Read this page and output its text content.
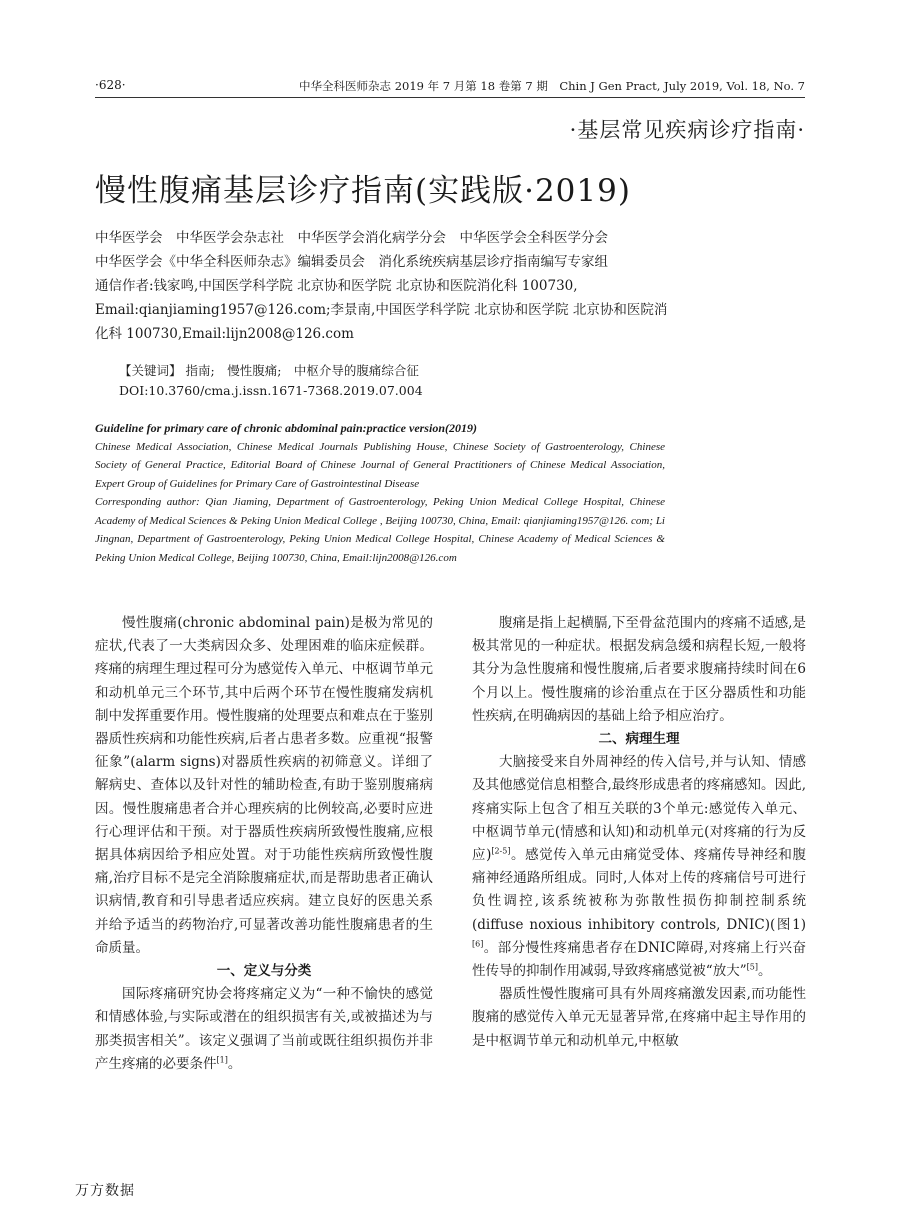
·628·	中华全科医师杂志 2019 年 7 月第 18 卷第 7 期　Chin J Gen Pract, July 2019, Vol. 18, No. 7
·基层常见疾病诊疗指南·
慢性腹痛基层诊疗指南(实践版·2019)

中华医学会　中华医学会杂志社　中华医学会消化病学分会　中华医学会全科医学分会

中华医学会《中华全科医师杂志》编辑委员会　消化系统疾病基层诊疗指南编写专家组

通信作者:钱家鸣,中国医学科学院 北京协和医学院 北京协和医院消化科 100730, Email:qianjiaming1957@126.com;李景南,中国医学科学院 北京协和医学院 北京协和医院消化科 100730,Email:lijn2008@126.com

【关键词】 指南;　慢性腹痛;　中枢介导的腹痛综合征
DOI:10.3760/cma.j.issn.1671-7368.2019.07.004

Guideline for primary care of chronic abdominal pain:practice version(2019)

Chinese Medical Association, Chinese Medical Journals Publishing House, Chinese Society of Gastroenterology, Chinese Society of General Practice, Editorial Board of Chinese Journal of General Practitioners of Chinese Medical Association, Expert Group of Guidelines for Primary Care of Gastrointestinal Disease

Corresponding author: Qian Jiaming, Department of Gastroenterology, Peking Union Medical College Hospital, Chinese Academy of Medical Sciences & Peking Union Medical College , Beijing 100730, China, Email: qianjiaming1957@126. com; Li Jingnan, Department of Gastroenterology, Peking Union Medical College Hospital, Chinese Academy of Medical Sciences & Peking Union Medical College, Beijing 100730, China, Email:lijn2008@126.com

慢性腹痛(chronic abdominal pain)是极为常见的症状,代表了一大类病因众多、处理困难的临床症候群。疼痛的病理生理过程可分为感觉传入单元、中枢调节单元和动机单元三个环节,其中后两个环节在慢性腹痛发病机制中发挥重要作用。慢性腹痛的处理要点和难点在于鉴别器质性疾病和功能性疾病,后者占患者多数。应重视“报警征象”(alarm signs)对器质性疾病的初筛意义。详细了解病史、查体以及针对性的辅助检查,有助于鉴别腹痛病因。慢性腹痛患者合并心理疾病的比例较高,必要时应进行心理评估和干预。对于器质性疾病所致慢性腹痛,应根据具体病因给予相应处置。对于功能性疾病所致慢性腹痛,治疗目标不是完全消除腹痛症状,而是帮助患者正确认识病情,教育和引导患者适应疾病。建立良好的医患关系并给予适当的药物治疗,可显著改善功能性腹痛患者的生命质量。

一、定义与分类

国际疼痛研究协会将疼痛定义为“一种不愉快的感觉和情感体验,与实际或潜在的组织损害有关,或被描述为与那类损害相关”。该定义强调了当前或既往组织损伤并非产生疼痛的必要条件[1]。

腹痛是指上起横膈,下至骨盆范围内的疼痛不适感,是极其常见的一种症状。根据发病急缓和病程长短,一般将其分为急性腹痛和慢性腹痛,后者要求腹痛持续时间在6个月以上。慢性腹痛的诊治重点在于区分器质性和功能性疾病,在明确病因的基础上给予相应治疗。

二、病理生理

大脑接受来自外周神经的传入信号,并与认知、情感及其他感觉信息相整合,最终形成患者的疼痛感知。因此,疼痛实际上包含了相互关联的3个单元:感觉传入单元、中枢调节单元(情感和认知)和动机单元(对疼痛的行为反应)[2-5]。感觉传入单元由痛觉受体、疼痛传导神经和腹痛神经通路所组成。同时,人体对上传的疼痛信号可进行负性调控,该系统被称为弥散性损伤抑制控制系统(diffuse noxious inhibitory controls, DNIC)(图1)[6]。部分慢性疼痛患者存在DNIC障碍,对疼痛上行兴奋性传导的抑制作用减弱,导致疼痛感觉被“放大”[5]。

器质性慢性腹痛可具有外周疼痛激发因素,而功能性腹痛的感觉传入单元无显著异常,在疼痛中起主导作用的是中枢调节单元和动机单元,中枢敏

万方数据
